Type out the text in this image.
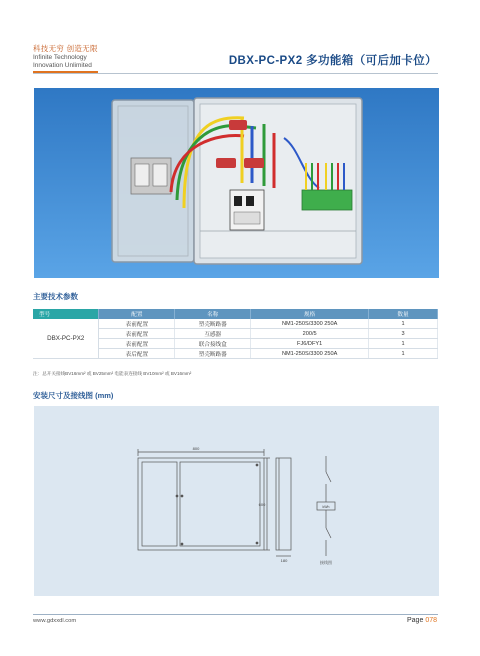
科技无穷 创造无限
Infinite Technology
Innovation Unlimited	DBX-PC-PX2 多功能箱（可后加卡位）
主要技术参数
型号	配置	名称	规格	数量
DBX-PC-PX2	表前配置	塑壳断路器	NM1-250S/3300 250A	1
	表前配置	互感器	200/5	3
	表前配置	联合接线盒	FJ6/DFY1	1
	表后配置	塑壳断路器	NM1-250S/3300 250A	1
注：总开关接线BV16mm² 或 BV25mm² 电能表连接线 BV10mm² 或 BV16mm²
安装尺寸及接线图 (mm)
800
600
180
kWh
接线图
www.gdxxdl.com	Page 078
